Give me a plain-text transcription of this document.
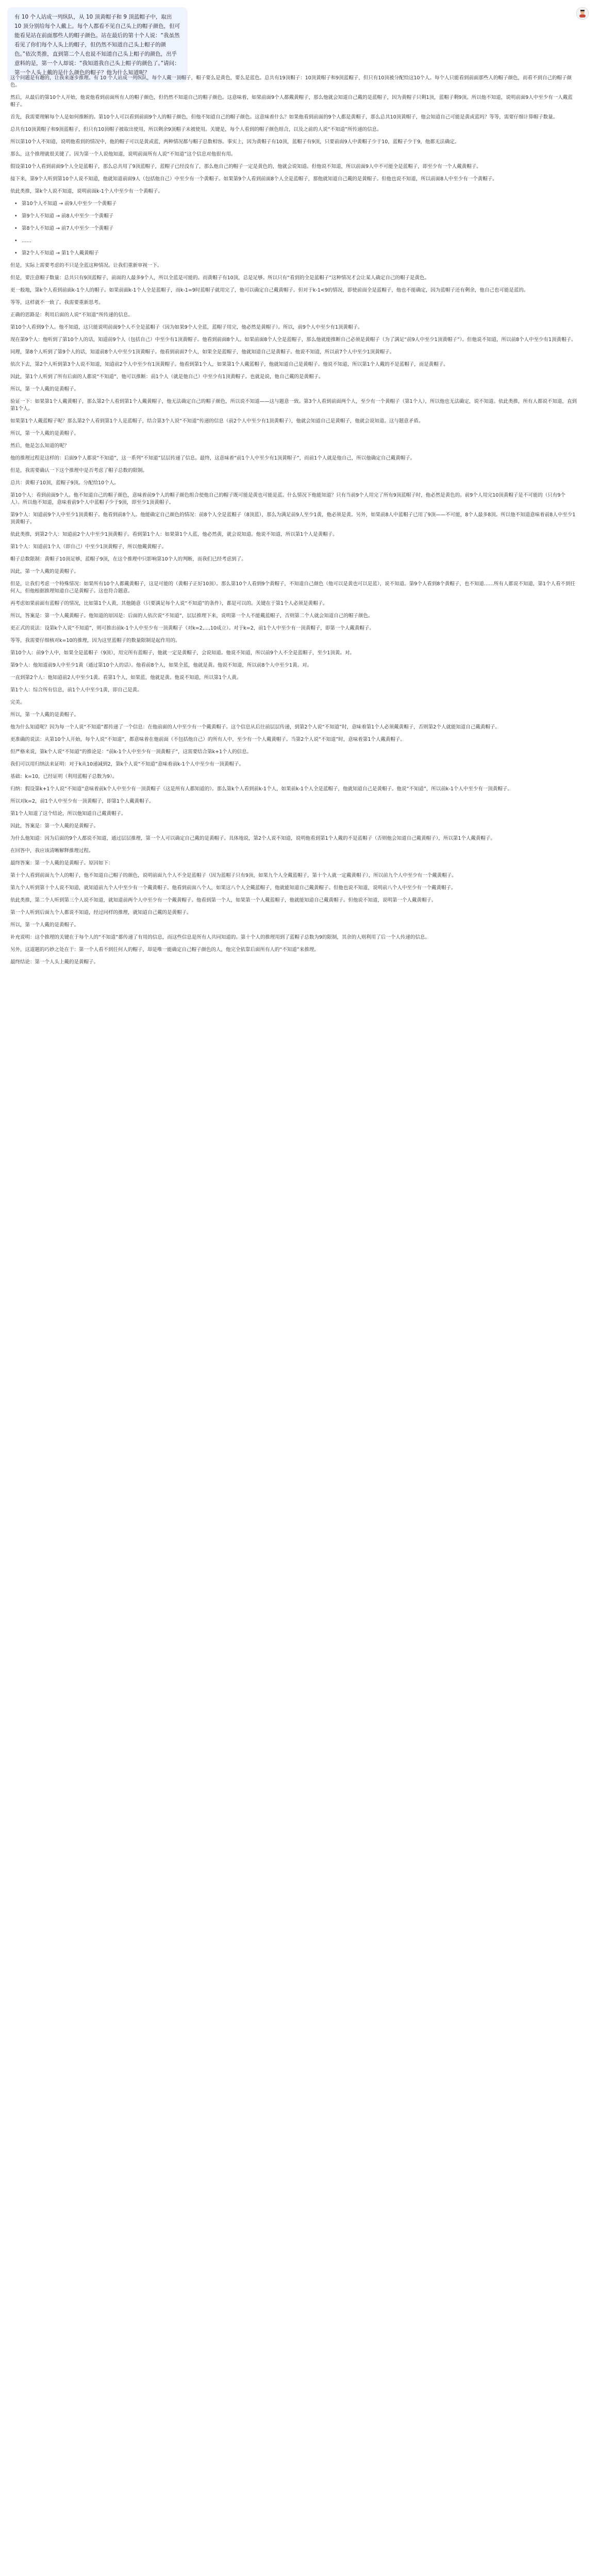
有 10 个人站成一列纵队，从 10 顶黄帽子和 9 顶蓝帽子中，取出 10 顶分别给每个人戴上。每个人都看不见自己头上的帽子颜色，但可能看见站在前面那些人的帽子颜色。站在最后的第十个人说：“我虽然看见了你们每个人头上的帽子，但仍然不知道自己头上帽子的颜色。”依次类推，直到第二个人也说不知道自己头上帽子的颜色，出乎意料的是，第一个人却说：“我知道我自己头上帽子的颜色了。”请问：第一个人头上戴的是什么颜色的帽子？他为什么知道呢？
这个问题是有趣的，让我来逐步推理。有 10 个人站成一列纵队，每个人戴一顶帽子，帽子要么是黄色，要么是蓝色。总共有19顶帽子：10顶黄帽子和9顶蓝帽子，但只有10顶被分配给这10个人。每个人只能看到前面那些人的帽子颜色，而看不到自己的帽子颜色。
然后，从最后的第10个人开始，他说他看到前面所有人的帽子颜色，但仍然不知道自己的帽子颜色。这意味着，如果前面9个人都戴黄帽子，那么他就会知道自己戴的是蓝帽子，因为黄帽子只剩1顶，蓝帽子剩9顶。所以他不知道，说明前面9人中至少有一人戴蓝帽子。
首先，我需要理解每个人是如何推断的。第10个人可以看到前面9个人的帽子颜色，但他不知道自己的帽子颜色。这意味着什么？如果他看到前面的9个人都是黄帽子，那么总共10顶黄帽子，他会知道自己可能是黄或蓝吗？等等，需要仔细计算帽子数量。
总共有10顶黄帽子和9顶蓝帽子，但只有10顶帽子被取出使用，所以剩余9顶帽子未被使用。关键是，每个人看到的帽子颜色组合，以及之前的人说“不知道”所传递的信息。
所以第10个人不知道，说明他看到的情况中，他的帽子可以是黄或蓝，两种情况都与帽子总数相容。事实上，因为黄帽子有10顶，蓝帽子有9顶，只要前面9人中黄帽子少于10，蓝帽子少于9，他都无法确定。
那么，这个推理就很关键了。因为第一个人说他知道，说明前面所有人说“不知道”这个信息对他很有用。
假设第10个人看到前面9个人全是蓝帽子，那么总共用了9顶蓝帽子，蓝帽子已经没有了，那么他自己的帽子一定是黄色的，他就会说知道。但他说不知道，所以前面9人中不可能全是蓝帽子，即至少有一个人戴黄帽子。
接下来，第9个人听到第10个人说不知道，他就知道前面9人（包括他自己）中至少有一个黄帽子。如果第9个人看到前面8个人全是蓝帽子，那他就知道自己戴的是黄帽子。但他也说不知道，所以前面8人中至少有一个黄帽子。
依此类推，第k个人说不知道，说明前面k-1个人中至少有一个黄帽子。
• 第10个人不知道 → 前9人中至少一个黄帽子
• 第9个人不知道 → 前8人中至少一个黄帽子
• 第8个人不知道 → 前7人中至少一个黄帽子
• ……
• 第2个人不知道 → 第1个人戴黄帽子
但是，实际上需要考虑的不只是全蓝这种情况。让我们重新审视一下。
但是，要注意帽子数量：总共只有9顶蓝帽子，前面的人最多9个人，所以全蓝是可能的。而黄帽子有10顶，总是足够。所以只有“看到的全是蓝帽子”这种情况才会让某人确定自己的帽子是黄色。
更一般地，第k个人看到前面k-1个人的帽子。如果前面k-1个人全是蓝帽子，而k-1=9时蓝帽子就用完了，他可以确定自己戴黄帽子。但对于k-1<9的情况，即使前面全是蓝帽子，他也不能确定，因为蓝帽子还有剩余，他自己也可能是蓝的。
等等，这样就不一致了。我需要重新思考。
正确的思路是：利用后面的人说“不知道”所传递的信息。
第10个人看到9个人。他不知道，这只能说明前面9个人不全是蓝帽子（因为如果9个人全蓝，蓝帽子用完，他必然是黄帽子）。所以，前9个人中至少有1顶黄帽子。
现在第9个人：他听到了第10个人的话，知道前9个人（包括自己）中至少有1顶黄帽子。他看到前面8个人。如果前面8个人全是蓝帽子，那么他就能推断自己必须是黄帽子（为了满足“前9人中至少1顶黄帽子”）。但他说不知道，所以前8个人中至少有1顶黄帽子。
同理，第8个人听到了第9个人的话，知道前8个人中至少1顶黄帽子。他看到前面7个人，如果全是蓝帽子，他就知道自己是黄帽子。他说不知道，所以前7个人中至少1顶黄帽子。
依次下去，第2个人听到第3个人说不知道，知道前2个人中至少有1顶黄帽子。他看到第1个人，如果第1个人戴蓝帽子，他就知道自己是黄帽子。他说不知道，所以第1个人戴的不是蓝帽子，而是黄帽子。
因此，第1个人听到了所有后面的人都说“不知道”，他可以推断：前1个人（就是他自己）中至少有1顶黄帽子。也就是说，他自己戴的是黄帽子。
所以，第一个人戴的是黄帽子。
验证一下：如果第1个人戴黄帽子，那么第2个人看到第1个人戴黄帽子，他无法确定自己的帽子颜色，所以说不知道——这与题意一致。第3个人看到前面两个人，至少有一个黄帽子（第1个人），所以他也无法确定，说不知道。依此类推，所有人都说不知道，直到第1个人。
如果第1个人戴蓝帽子呢？那么第2个人看到第1个人是蓝帽子，结合第3个人说“不知道”传递的信息（前2个人中至少有1顶黄帽子），他就会知道自己是黄帽子，他就会说知道。这与题意矛盾。
所以，第一个人戴的是黄帽子。
然后，他是怎么知道的呢？
他的推理过程是这样的：后面9个人都说“不知道”，这一系列“不知道”层层传递了信息。最终，这意味着“前1个人中至少有1顶黄帽子”，而前1个人就是他自己，所以他确定自己戴黄帽子。
但是，我需要确认一下这个推理中是否考虑了帽子总数的限制。
总共：黄帽子10顶，蓝帽子9顶。分配给10个人。
第10个人：看到前面9个人。他不知道自己的帽子颜色，意味着前9个人的帽子颜色组合使他自己的帽子既可能是黄也可能是蓝。什么情况下他能知道？只有当前9个人用完了所有9顶蓝帽子时，他必然是黄色的。前9个人用完10顶黄帽子是不可能的（只有9个人）。所以他不知道，意味着前9个人中蓝帽子少于9顶，即至少1顶黄帽子。
第9个人：知道前9个人中至少1顶黄帽子。他看到前8个人。他能确定自己颜色的情况：前8个人全是蓝帽子（8顶蓝），那么为满足前9人至少1黄，他必须是黄。另外，如果前8人中蓝帽子已用了9顶——不可能，8个人最多8顶。所以他不知道意味着前8人中至少1顶黄帽子。
依此类推，到第2个人：知道前2个人中至少1顶黄帽子。看到第1个人：如果第1个人蓝，他必然黄，就会说知道。他说不知道，所以第1个人是黄帽子。
第1个人：知道前1个人（即自己）中至少1顶黄帽子，所以他戴黄帽子。
帽子总数限制：黄帽子10顶足够，蓝帽子9顶，在这个推理中只影响第10个人的判断，而我们已经考虑到了。
因此，第一个人戴的是黄帽子。
但是，让我们考虑一个特殊情况：如果所有10个人都戴黄帽子，这是可能的（黄帽子正好10顶）。那么第10个人看到9个黄帽子，不知道自己颜色（他可以是黄也可以是蓝），说不知道。第9个人看到8个黄帽子，也不知道……所有人都说不知道，第1个人看不到任何人，但他根据推理知道自己是黄帽子。这也符合题意。
再考虑如果前面有蓝帽子的情况，比如第1个人黄，其他随意（只要满足每个人说“不知道”的条件），都是可以的。关键在于第1个人必须是黄帽子。
所以，答案是：第一个人戴黄帽子。他知道的原因是：后面的人依次说“不知道”，层层推理下来，说明第一个人不能戴蓝帽子，否则第二个人就会知道自己的帽子颜色。
更正式的说法：设第k个人说“不知道”，则可推出前k-1个人中至少有一顶黄帽子（对k=2,...,10成立）。对于k=2，前1个人中至少有一顶黄帽子，即第一个人戴黄帽子。
等等，我需要仔细核对k=10的推理，因为这里蓝帽子的数量限制是起作用的。
第10个人：前9个人中，如果全是蓝帽子（9顶），用完所有蓝帽子，他就一定是黄帽子，会说知道。他说不知道，所以前9个人不全是蓝帽子，至少1顶黄。对。
第9个人：他知道前9人中至少1黄（通过第10个人的话）。他看前8个人，如果全蓝，他就是黄。他说不知道，所以前8个人中至少1黄。对。
一直到第2个人：他知道前2人中至少1黄。看第1个人，如果蓝，他就是黄。他说不知道，所以第1个人黄。
第1个人：综合所有信息，前1个人中至少1黄，即自己是黄。
完美。
所以，第一个人戴的是黄帽子。
他为什么知道呢？因为每一个人说“不知道”都传递了一个信息：在他前面的人中至少有一个戴黄帽子。这个信息从后往前层层传递，到第2个人说“不知道”时，意味着第1个人必须戴黄帽子，否则第2个人就能知道自己戴黄帽子。
更准确的说法：从第10个人开始，每个人说“不知道”，都意味着在他前面（不包括他自己）的所有人中，至少有一个人戴黄帽子。当第2个人说“不知道”时，意味着第1个人戴黄帽子。
但严格来说，第k个人说“不知道”的推论是：“前k-1个人中至少有一顶黄帽子”，这需要结合第k+1个人的信息。
我们可以用归纳法来证明：对于k从10递减到2，第k个人说“不知道”意味着前k-1个人中至少有一顶黄帽子。
基础：k=10，已经证明（利用蓝帽子总数为9）。
归纳：假设第k+1个人说“不知道”意味着前k个人中至少有一顶黄帽子（这是所有人都知道的）。那么第k个人看到前k-1个人，如果前k-1个人全是蓝帽子，他就知道自己是黄帽子。他说“不知道”，所以前k-1个人中至少有一顶黄帽子。
所以对k=2，前1个人中至少有一顶黄帽子，即第1个人戴黄帽子。
第1个人知道了这个结论，所以他知道自己戴黄帽子。
因此，答案是：第一个人戴的是黄帽子。
为什么他知道：因为后面的9个人都说不知道，通过层层推理，第一个人可以确定自己戴的是黄帽子。具体地说，第2个人说不知道，说明他看到第1个人戴的不是蓝帽子（否则他会知道自己戴黄帽子），所以第1个人戴黄帽子。
在回答中，我应该清晰解释推理过程。
最终答案：第一个人戴的是黄帽子。原因如下：
第十个人看到前面九个人的帽子，他不知道自己帽子的颜色，说明前面九个人不全是蓝帽子（因为蓝帽子只有9顶，如果九个人全戴蓝帽子，第十个人就一定戴黄帽子），所以前九个人中至少有一个戴黄帽子。
第九个人听到第十个人说不知道，就知道前九个人中至少有一个戴黄帽子。他看到前面八个人，如果这八个人全戴蓝帽子，他就能知道自己戴黄帽子。但他也说不知道，说明前八个人中至少有一个戴黄帽子。
依此类推，第二个人听到第三个人说不知道，就知道前两个人中至少有一个戴黄帽子。他看到第一个人，如果第一个人戴蓝帽子，他就能知道自己戴黄帽子。但他说不知道，说明第一个人戴黄帽子。
第一个人听到后面九个人都说不知道，经过同样的推理，就知道自己戴的是黄帽子。
所以，第一个人戴的是黄帽子。
补充说明：这个推理的关键在于每个人的“不知道”都传递了有用的信息，而这些信息是所有人共同知道的。第十个人的推理用到了蓝帽子总数为9的限制，其余的人则利用了后一个人传递的信息。
另外，这道题的巧妙之处在于：第一个人看不到任何人的帽子，却是唯一能确定自己帽子颜色的人，他完全依靠后面所有人的“不知道”来推理。
最终结论：第一个人头上戴的是黄帽子。
